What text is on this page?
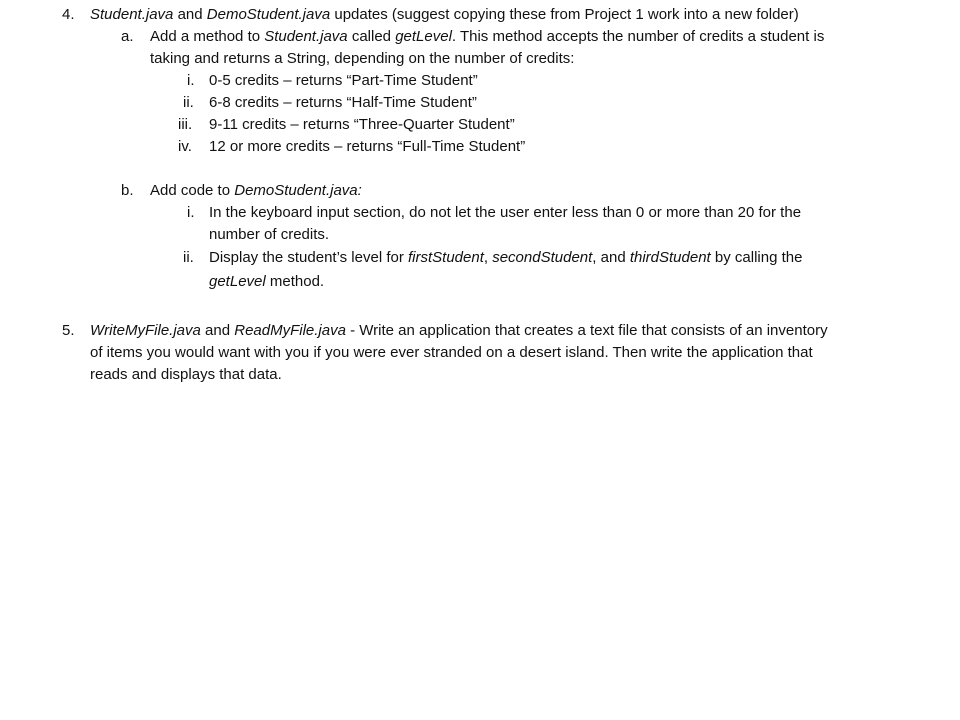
4. Student.java and DemoStudent.java updates (suggest copying these from Project 1 work into a new folder)
a. Add a method to Student.java called getLevel. This method accepts the number of credits a student is
taking and returns a String, depending on the number of credits:
i. 0-5 credits – returns “Part-Time Student”
ii. 6-8 credits – returns “Half-Time Student”
iii. 9-11 credits – returns “Three-Quarter Student”
iv. 12 or more credits – returns “Full-Time Student”
b. Add code to DemoStudent.java:
i. In the keyboard input section, do not let the user enter less than 0 or more than 20 for the
number of credits.
ii. Display the student’s level for firstStudent, secondStudent, and thirdStudent by calling the
getLevel method.
5. WriteMyFile.java and ReadMyFile.java - Write an application that creates a text file that consists of an inventory
of items you would want with you if you were ever stranded on a desert island. Then write the application that
reads and displays that data.
